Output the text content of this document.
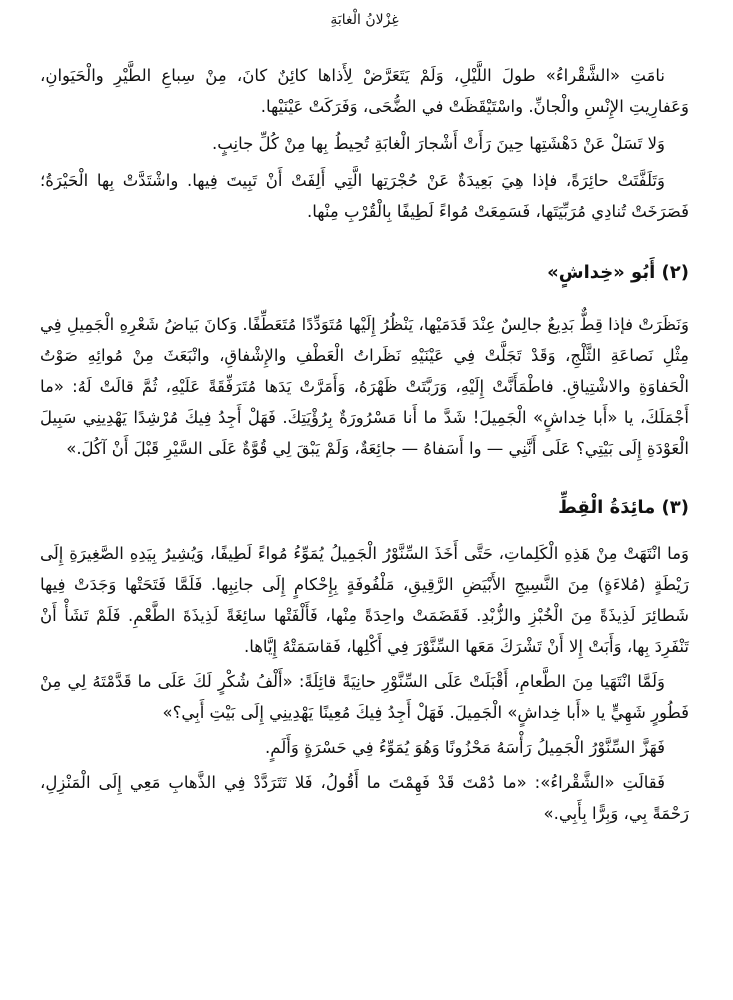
غِزْلانُ الْغابَةِ

نامَتِ «الشَّقْراءُ» طولَ اللَّيْلِ، وَلَمْ يَتَعَرَّضْ لِأَذاها كائِنٌ كانَ، مِنْ سِباعِ الطَّيْرِ والْحَيَوانِ، وَعَفارِيتِ الإِنْسِ والْجانِّ. واسْتَيْقَظَتْ في الضُّحَى، وَفَرَكَتْ عَيْنَيْها.

وَلا تَسَلْ عَنْ دَهْشَتِها حِينَ رَأَتْ أَشْجارَ الْغابَةِ تُحِيطُ بِها مِنْ كُلِّ جانِبٍ.

وَتَلَفَّتَتْ حائِرَةً، فإذا هِيَ بَعِيدَةٌ عَنْ حُجْرَتِها الَّتِي أَلِفَتْ أَنْ تَبِيتَ فِيها. واشْتَدَّتْ بِها الْحَيْرَةُ؛ فَصَرَخَتْ تُنادِي مُرَبِّيَتَها، فَسَمِعَتْ مُواءً لَطِيفًا بِالْقُرْبِ مِنْها.

(٢) أَبُو «خِداشٍ»

وَنَظَرَتْ فإذا قِطٌّ بَدِيعٌ جالِسٌ عِنْدَ قَدَمَيْها، يَنْظُرُ إِلَيْها مُتَوَدِّدًا مُتَعَطِّفًا. وَكانَ بَياضُ شَعْرِهِ الْجَمِيلِ فِي مِثْلِ نَصاعَةِ الثَّلْجِ، وَقَدْ تَجَلَّتْ فِي عَيْنَيْهِ نَظَراتُ الْعَطْفِ والإِشْفاقِ، وانْبَعَثَ مِنْ مُوائِهِ صَوْتُ الْحَفاوَةِ والاشْتِياقِ. فاطْمَأَنَّتْ إِلَيْهِ، وَرَبَّتَتْ ظَهْرَهُ، وَأَمَرَّتْ يَدَها مُتَرَفِّقَةً عَلَيْهِ، ثُمَّ قالَتْ لَهُ: «ما أَجْمَلَكَ، يا «أَبا خِداشٍ» الْجَمِيلَ! شَدَّ ما أَنا مَسْرُورَةٌ بِرُؤْيَتِكَ. فَهَلْ أَجِدُ فِيكَ مُرْشِدًا يَهْدِينِي سَبِيلَ الْعَوْدَةِ إِلَى بَيْتِي؟ عَلَى أَنَّنِي — وا أَسَفاهُ — جائِعَةٌ، وَلَمْ يَبْقَ لِي قُوَّةٌ عَلَى السَّيْرِ قَبْلَ أَنْ آكُلَ.»

(٣) مائِدَةُ الْقِطِّ

وَما انْتَهَتْ مِنْ هَذِهِ الْكَلِماتِ، حَتَّى أَخَذَ السِّنَّوْرُ الْجَمِيلُ يُمَوِّءُ مُواءً لَطِيفًا، وَيُشِيرُ بِيَدِهِ الصَّغِيرَةِ إِلَى رَيْطَةٍ (مُلاءَةٍ) مِنَ النَّسِيجِ الأَبْيَضِ الرَّقِيقِ، مَلْفُوفَةٍ بِإِحْكامٍ إِلَى جانِبِها. فَلَمَّا فَتَحَتْها وَجَدَتْ فِيها شَطائِرَ لَذِيذَةً مِنَ الْخُبْزِ والزُّبْدِ. فَقَضَمَتْ واحِدَةً مِنْها، فَأَلْفَتْها سائِغَةً لَذِيذَةَ الطَّعْمِ. فَلَمْ تَشَأْ أَنْ تَنْفَرِدَ بِها، وَأَبَتْ إِلا أَنْ تَشْرَكَ مَعَها السِّنَّوْرَ فِي أَكْلِها، فَقاسَمَتْهُ إِيَّاها.

وَلَمَّا انْتَهَيا مِنَ الطَّعامِ، أَقْبَلَتْ عَلَى السِّنَّوْرِ حانِيَةً قائِلَةً: «أَلْفُ شُكْرٍ لَكَ عَلَى ما قَدَّمْتَهُ لِي مِنْ فَطُورٍ شَهِيٍّ يا «أَبا خِداشٍ» الْجَمِيلَ. فَهَلْ أَجِدُ فِيكَ مُعِينًا يَهْدِينِي إِلَى بَيْتِ أَبِي؟»

فَهَزَّ السِّنَّوْرُ الْجَمِيلُ رَأْسَهُ مَحْزُونًا وَهُوَ يُمَوِّءُ فِي حَسْرَةٍ وَأَلَمٍ.

فَقالَتِ «الشَّقْراءُ»: «ما دُمْتَ قَدْ فَهِمْتَ ما أَقُولُ، فَلا تَتَرَدَّدْ فِي الذَّهابِ مَعِي إِلَى الْمَنْزِلِ، رَحْمَةً بِي، وَبِرًّا بِأَبِي.»
